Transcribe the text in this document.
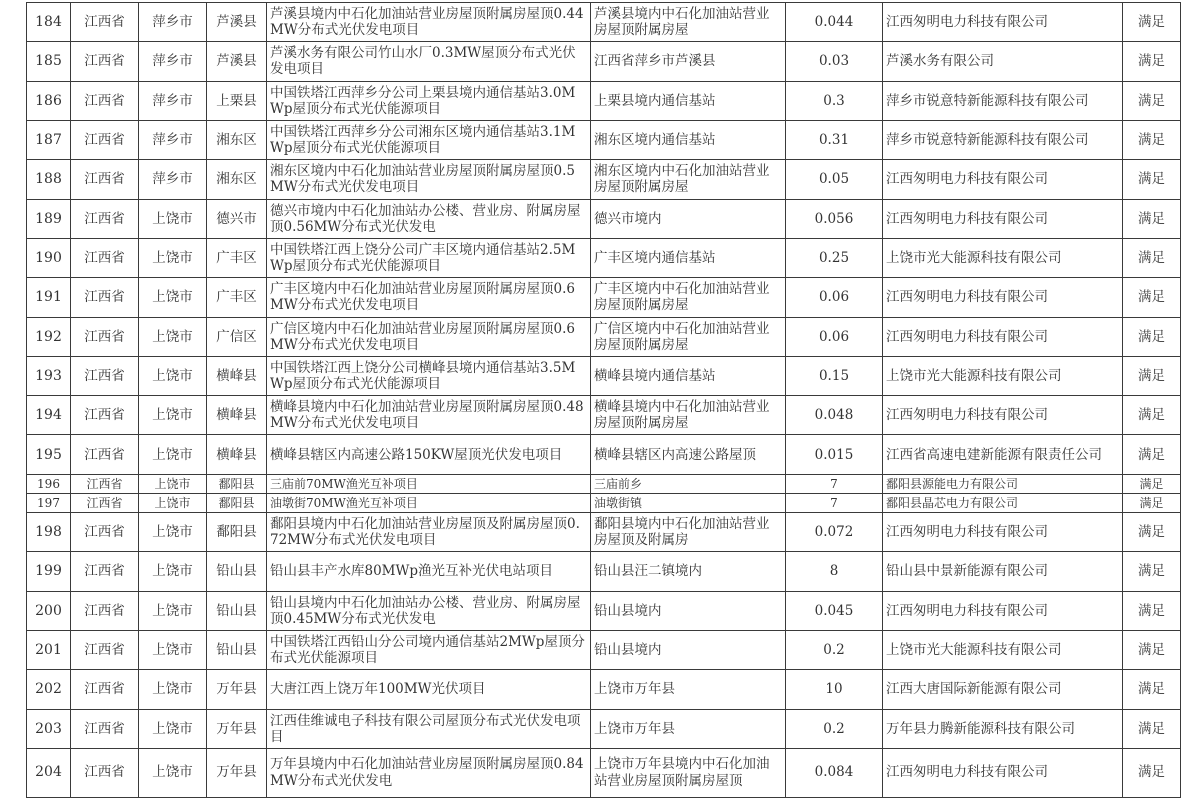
184	江西省	萍乡市	芦溪县	芦溪县境内中石化加油站营业房屋顶附属房屋顶0.44MW分布式光伏发电项目	芦溪县境内中石化加油站营业房屋顶附属房屋	0.044	江西匆明电力科技有限公司	满足
185	江西省	萍乡市	芦溪县	芦溪水务有限公司竹山水厂0.3MW屋顶分布式光伏发电项目	江西省萍乡市芦溪县	0.03	芦溪水务有限公司	满足
186	江西省	萍乡市	上栗县	中国铁塔江西萍乡分公司上栗县境内通信基站3.0MWp屋顶分布式光伏能源项目	上栗县境内通信基站	0.3	萍乡市锐意特新能源科技有限公司	满足
187	江西省	萍乡市	湘东区	中国铁塔江西萍乡分公司湘东区境内通信基站3.1MWp屋顶分布式光伏能源项目	湘东区境内通信基站	0.31	萍乡市锐意特新能源科技有限公司	满足
188	江西省	萍乡市	湘东区	湘东区境内中石化加油站营业房屋顶附属房屋顶0.5MW分布式光伏发电项目	湘东区境内中石化加油站营业房屋顶附属房屋	0.05	江西匆明电力科技有限公司	满足
189	江西省	上饶市	德兴市	德兴市境内中石化加油站办公楼、营业房、附属房屋顶0.56MW分布式光伏发电	德兴市境内	0.056	江西匆明电力科技有限公司	满足
190	江西省	上饶市	广丰区	中国铁塔江西上饶分公司广丰区境内通信基站2.5MWp屋顶分布式光伏能源项目	广丰区境内通信基站	0.25	上饶市光大能源科技有限公司	满足
191	江西省	上饶市	广丰区	广丰区境内中石化加油站营业房屋顶附属房屋顶0.6MW分布式光伏发电项目	广丰区境内中石化加油站营业房屋顶附属房屋	0.06	江西匆明电力科技有限公司	满足
192	江西省	上饶市	广信区	广信区境内中石化加油站营业房屋顶附属房屋顶0.6MW分布式光伏发电项目	广信区境内中石化加油站营业房屋顶附属房屋	0.06	江西匆明电力科技有限公司	满足
193	江西省	上饶市	横峰县	中国铁塔江西上饶分公司横峰县境内通信基站3.5MWp屋顶分布式光伏能源项目	横峰县境内通信基站	0.15	上饶市光大能源科技有限公司	满足
194	江西省	上饶市	横峰县	横峰县境内中石化加油站营业房屋顶附属房屋顶0.48MW分布式光伏发电项目	横峰县境内中石化加油站营业房屋顶附属房屋	0.048	江西匆明电力科技有限公司	满足
195	江西省	上饶市	横峰县	横峰县辖区内高速公路150KW屋顶光伏发电项目	横峰县辖区内高速公路屋顶	0.015	江西省高速电建新能源有限责任公司	满足
196	江西省	上饶市	鄱阳县	三庙前70MW渔光互补项目	三庙前乡	7	鄱阳县源能电力有限公司	满足
197	江西省	上饶市	鄱阳县	油墩街70MW渔光互补项目	油墩街镇	7	鄱阳县晶芯电力有限公司	满足
198	江西省	上饶市	鄱阳县	鄱阳县境内中石化加油站营业房屋顶及附属房屋顶0.72MW分布式光伏发电项目	鄱阳县境内中石化加油站营业房屋顶及附属房	0.072	江西匆明电力科技有限公司	满足
199	江西省	上饶市	铅山县	铅山县丰产水库80MWp渔光互补光伏电站项目	铅山县汪二镇境内	8	铅山县中景新能源有限公司	满足
200	江西省	上饶市	铅山县	铅山县境内中石化加油站办公楼、营业房、附属房屋顶0.45MW分布式光伏发电	铅山县境内	0.045	江西匆明电力科技有限公司	满足
201	江西省	上饶市	铅山县	中国铁塔江西铅山分公司境内通信基站2MWp屋顶分布式光伏能源项目	铅山县境内	0.2	上饶市光大能源科技有限公司	满足
202	江西省	上饶市	万年县	大唐江西上饶万年100MW光伏项目	上饶市万年县	10	江西大唐国际新能源有限公司	满足
203	江西省	上饶市	万年县	江西佳维诚电子科技有限公司屋顶分布式光伏发电项目	上饶市万年县	0.2	万年县力腾新能源科技有限公司	满足
204	江西省	上饶市	万年县	万年县境内中石化加油站营业房屋顶附属房屋顶0.84MW分布式光伏发电	上饶市万年县境内中石化加油站营业房屋顶附属房屋顶	0.084	江西匆明电力科技有限公司	满足
